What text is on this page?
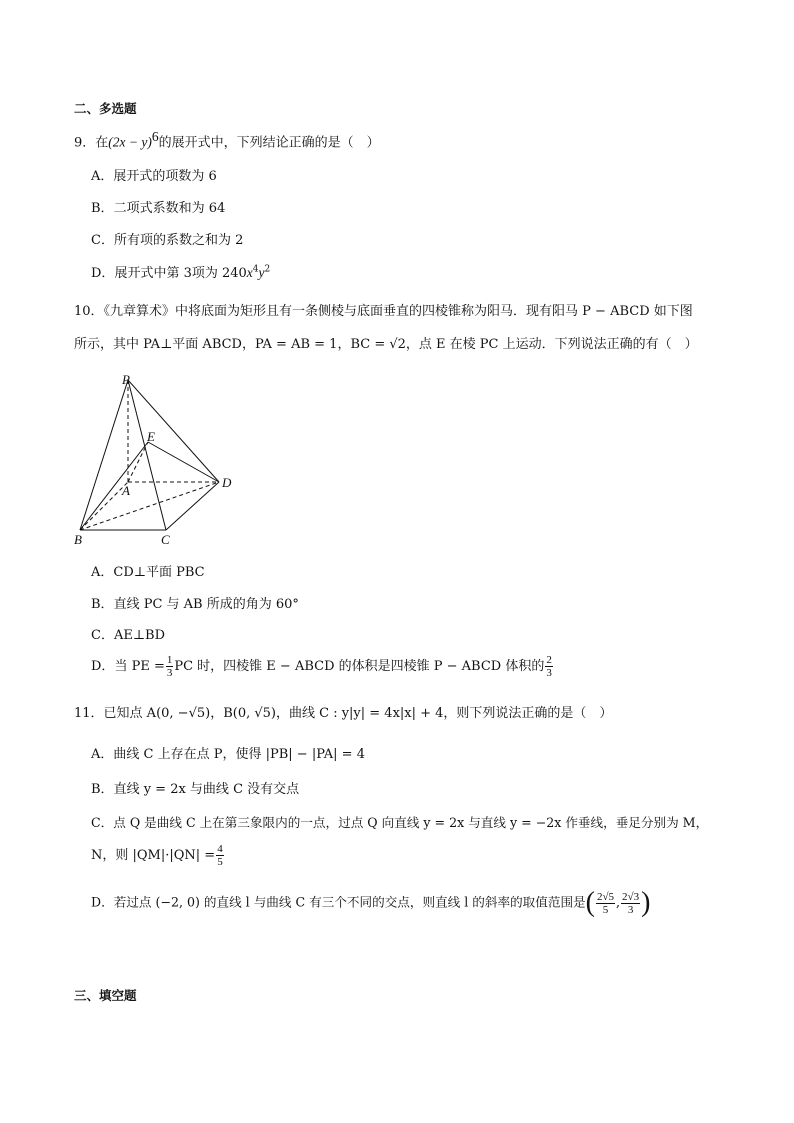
二、多选题
9．在$(2x - y)^6$的展开式中，下列结论正确的是（　）
A．展开式的项数为 6
B．二项式系数和为 64
C．所有项的系数之和为 2
D．展开式中第 3项为 $240x^4y^2$
10．《九章算术》中将底面为矩形且有一条侧棱与底面垂直的四棱锥称为阳马．现有阳马 P − ABCD 如下图
所示，其中 PA⊥平面 ABCD，PA = AB = 1，BC = √2，点 E 在棱 PC 上运动．下列说法正确的有（　）
P
E
A
D
B	C
A．CD⊥平面 PBC
B．直线 PC 与 AB 所成的角为 60°
C．AE⊥BD
D．当 PE = $\frac{1}{3}$ PC 时，四棱锥 E − ABCD 的体积是四棱锥 P − ABCD 体积的 $\frac{2}{3}$
11．已知点 A(0, −√5)，B(0, √5)，曲线 C : y|y| = 4x|x| + 4，则下列说法正确的是（　）
A．曲线 C 上存在点 P，使得 |PB| − |PA| = 4
B．直线 y = 2x 与曲线 C 没有交点
C．点 Q 是曲线 C 上在第三象限内的一点，过点 Q 向直线 y = 2x 与直线 y = −2x 作垂线，垂足分别为 M，
N，则 $|QM|\cdot|QN| = \frac{4}{5}$
D．若过点 (−2, 0) 的直线 l 与曲线 C 有三个不同的交点，则直线 l 的斜率的取值范围是( $\frac{2√5}{5}$ , $\frac{2√3}{3}$ )
三、填空题
